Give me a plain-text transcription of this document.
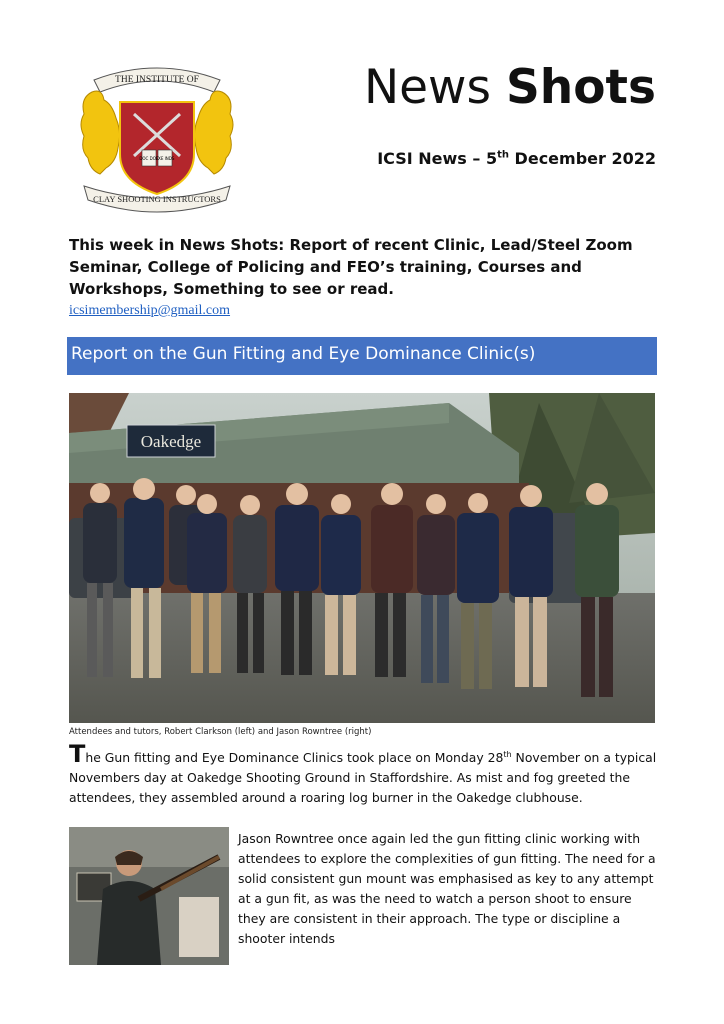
THE INSTITUTE OF
DOC DOC
EXE INDS
CLAY SHOOTING INSTRUCTORS
News Shots
ICSI News – 5th December 2022
This week in News Shots: Report of recent Clinic, Lead/Steel Zoom Seminar, College of Policing and FEO’s training, Courses and Workshops, Something to see or read.
icsimembership@gmail.com
Report on the Gun Fitting and Eye Dominance Clinic(s)
Oakedge
Attendees and tutors, Robert Clarkson (left) and Jason Rowntree (right)
The Gun fitting and Eye Dominance Clinics took place on Monday 28th November on a typical Novembers day at Oakedge Shooting Ground in Staffordshire. As mist and fog greeted the attendees, they assembled around a roaring log burner in the Oakedge clubhouse.
Jason Rowntree once again led the gun fitting clinic working with attendees to explore the complexities of gun fitting. The need for a solid consistent gun mount was emphasised as key to any attempt at a gun fit, as was the need to watch a person shoot to ensure they are consistent in their approach. The type or discipline a shooter intends
